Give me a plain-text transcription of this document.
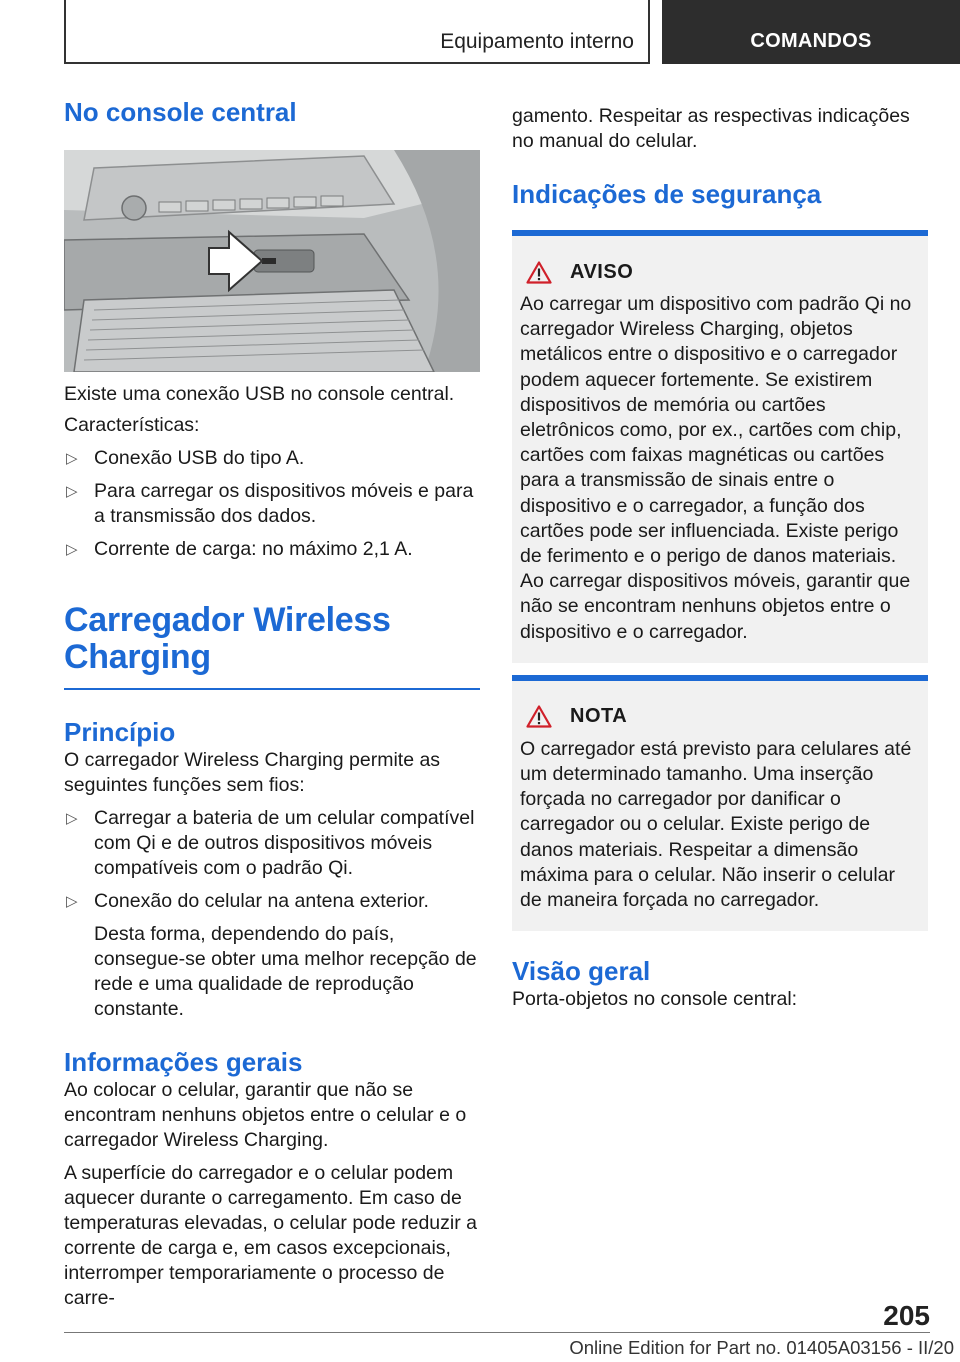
Equipamento interno	COMANDOS
No console central

Existe uma conexão USB no console central.

Características:

▷ Conexão USB do tipo A.
▷ Para carregar os dispositivos móveis e para a transmissão dos dados.
▷ Corrente de carga: no máximo 2,1 A.
Carregador Wireless Charging
Princípio

O carregador Wireless Charging permite as seguintes funções sem fios:

▷ Carregar a bateria de um celular compatível com Qi e de outros dispositivos móveis compatíveis com o padrão Qi.
▷ Conexão do celular na antena exterior.

Desta forma, dependendo do país, consegue-se obter uma melhor recepção de rede e uma qualidade de reprodução constante.

Informações gerais

Ao colocar o celular, garantir que não se encontram nenhuns objetos entre o celular e o carregador Wireless Charging.

A superfície do carregador e o celular podem aquecer durante o carregamento. Em caso de temperaturas elevadas, o celular pode reduzir a corrente de carga e, em casos excepcionais, interromper temporariamente o processo de carre-

gamento. Respeitar as respectivas indicações no manual do celular.

Indicações de segurança
AVISO

Ao carregar um dispositivo com padrão Qi no carregador Wireless Charging, objetos metálicos entre o dispositivo e o carregador podem aquecer fortemente. Se existirem dispositivos de memória ou cartões eletrônicos como, por ex., cartões com chip, cartões com faixas magnéticas ou cartões para a transmissão de sinais entre o dispositivo e o carregador, a função dos cartões pode ser influenciada. Existe perigo de ferimento e o perigo de danos materiais. Ao carregar dispositivos móveis, garantir que não se encontram nenhuns objetos entre o dispositivo e o carregador.

NOTA

O carregador está previsto para celulares até um determinado tamanho. Uma inserção forçada no carregador por danificar o carregador ou o celular. Existe perigo de danos materiais. Respeitar a dimensão máxima para o celular. Não inserir o celular de maneira forçada no carregador.

Visão geral

Porta-objetos no console central:

205
Online Edition for Part no. 01405A03156 - II/20
